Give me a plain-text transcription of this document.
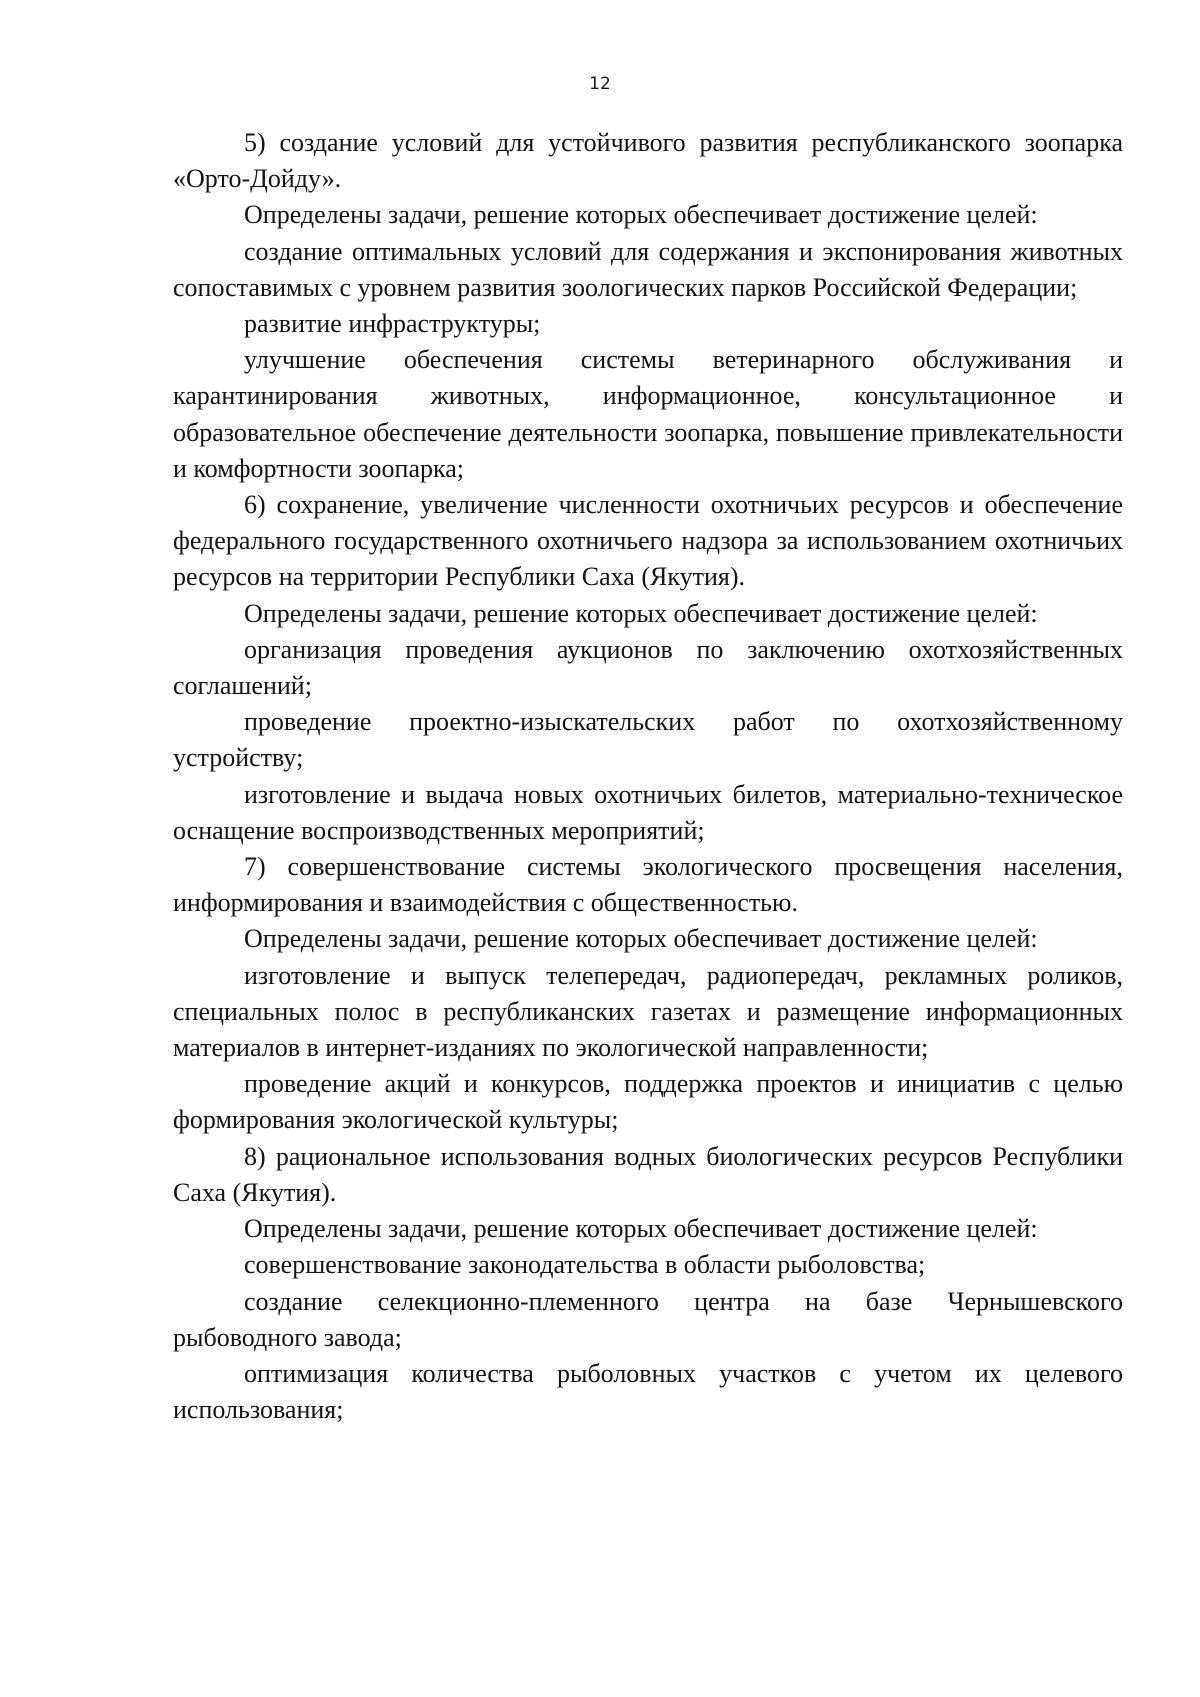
12

5) создание условий для устойчивого развития республиканского зоопарка «Орто-Дойду».

Определены задачи, решение которых обеспечивает достижение целей:

создание оптимальных условий для содержания и экспонирования животных сопоставимых с уровнем развития зоологических парков Российской Федерации;

развитие инфраструктуры;

улучшение обеспечения системы ветеринарного обслуживания и карантинирования животных, информационное, консультационное и образовательное обеспечение деятельности зоопарка, повышение привлекательности и комфортности зоопарка;

6) сохранение, увеличение численности охотничьих ресурсов и обеспечение федерального государственного охотничьего надзора за использованием охотничьих ресурсов на территории Республики Саха (Якутия).

Определены задачи, решение которых обеспечивает достижение целей:

организация проведения аукционов по заключению охотхозяйственных соглашений;

проведение проектно-изыскательских работ по охотхозяйственному устройству;

изготовление и выдача новых охотничьих билетов, материально-техническое оснащение воспроизводственных мероприятий;

7) совершенствование системы экологического просвещения населения, информирования и взаимодействия с общественностью.

Определены задачи, решение которых обеспечивает достижение целей:

изготовление и выпуск телепередач, радиопередач, рекламных роликов, специальных полос в республиканских газетах и размещение информационных материалов в интернет-изданиях по экологической направленности;

проведение акций и конкурсов, поддержка проектов и инициатив с целью формирования экологической культуры;

8) рациональное использования водных биологических ресурсов Республики Саха (Якутия).

Определены задачи, решение которых обеспечивает достижение целей:

совершенствование законодательства в области рыболовства;

создание селекционно-племенного центра на базе Чернышевского рыбоводного завода;

оптимизация количества рыболовных участков с учетом их целевого использования;
